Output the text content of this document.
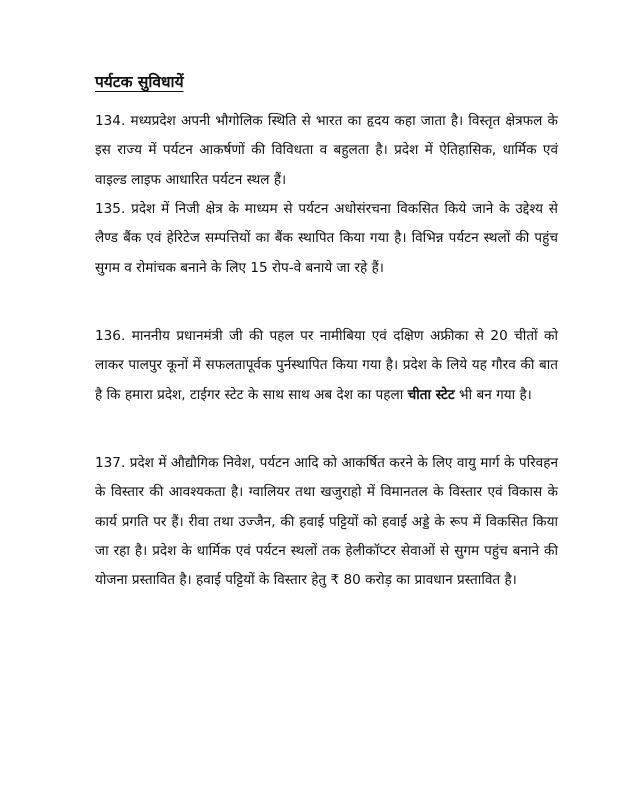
पर्यटक सुविधायें
134. मध्यप्रदेश अपनी भौगोलिक स्थिति से भारत का हृदय कहा जाता है। विस्तृत क्षेत्रफल के इस राज्य में पर्यटन आकर्षणों की विविधता व बहुलता है। प्रदेश में ऐतिहासिक, धार्मिक एवं वाइल्ड लाइफ आधारित पर्यटन स्थल हैं।
135. प्रदेश में निजी क्षेत्र के माध्यम से पर्यटन अधोसंरचना विकसित किये जाने के उद्देश्य से लैण्ड बैंक एवं हेरिटेज सम्पत्तियों का बैंक स्थापित किया गया है। विभिन्न पर्यटन स्थलों की पहुंच सुगम व रोमांचक बनाने के लिए 15 रोप-वे बनाये जा रहे हैं।
136. माननीय प्रधानमंत्री जी की पहल पर नामीबिया एवं दक्षिण अफ्रीका से 20 चीतों को लाकर पालपुर कूनों में सफलतापूर्वक पुर्नस्थापित किया गया है। प्रदेश के लिये यह गौरव की बात है कि हमारा प्रदेश, टाईगर स्टेट के साथ साथ अब देश का पहला चीता स्टेट भी बन गया है।
137. प्रदेश में औद्यौगिक निवेश, पर्यटन आदि को आकर्षित करने के लिए वायु मार्ग के परिवहन के विस्तार की आवश्यकता है। ग्वालियर तथा खजुराहो में विमानतल के विस्तार एवं विकास के कार्य प्रगति पर हैं। रीवा तथा उज्जैन, की हवाई पट्टियों को हवाई अड्डे के रूप में विकसित किया जा रहा है। प्रदेश के धार्मिक एवं पर्यटन स्थलों तक हेलीकॉप्टर सेवाओं से सुगम पहुंच बनाने की योजना प्रस्तावित है। हवाई पट्टियों के विस्तार हेतु ₹ 80 करोड़ का प्रावधान प्रस्तावित है।
